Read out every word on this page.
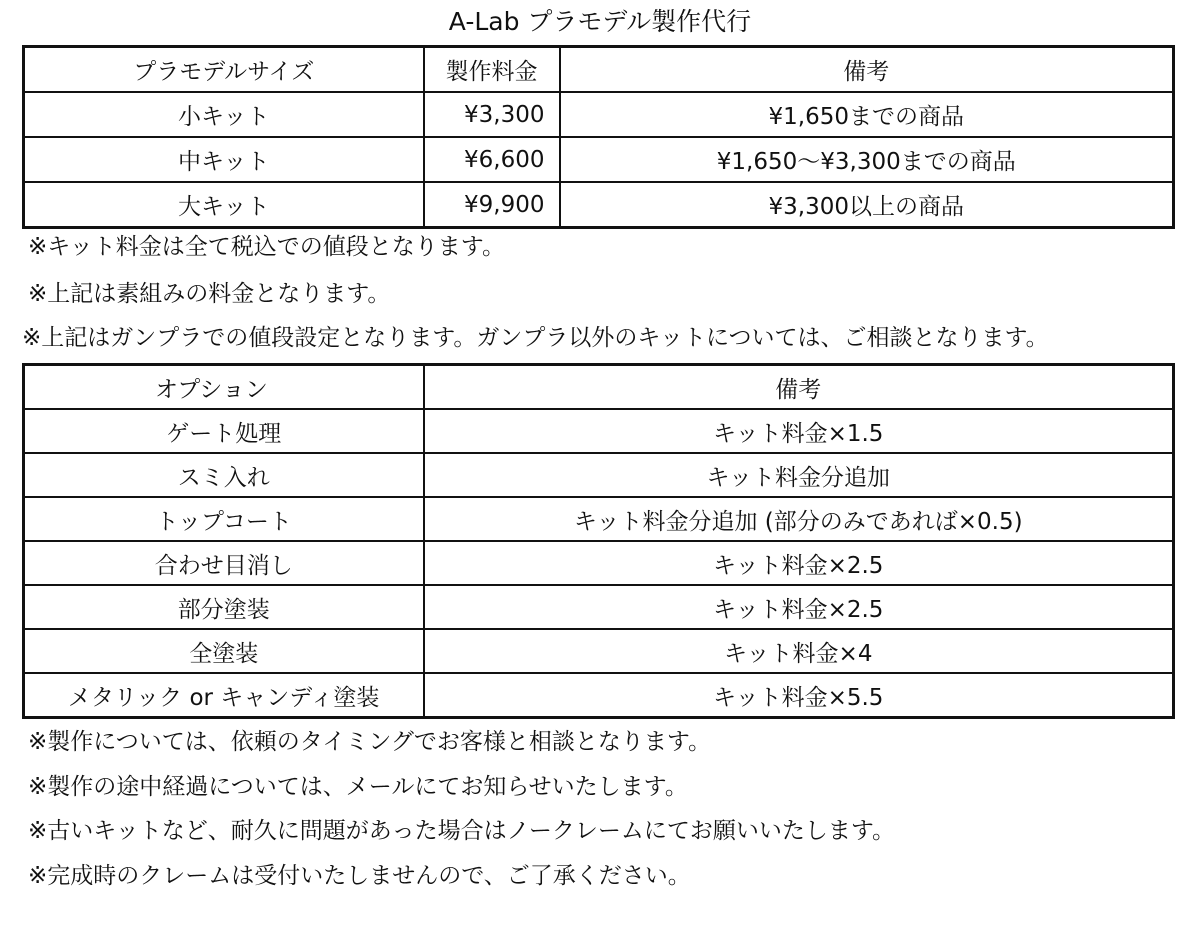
A-Lab プラモデル製作代行
プラモデルサイズ	製作料金	備考
小キット	¥3,300	¥1,650までの商品
中キット	¥6,600	¥1,650〜¥3,300までの商品
大キット	¥9,900	¥3,300以上の商品
※キット料金は全て税込での値段となります。
※上記は素組みの料金となります。
※上記はガンプラでの値段設定となります。ガンプラ以外のキットについては、ご相談となります。
オプション	備考
ゲート処理	キット料金×1.5
スミ入れ	キット料金分追加
トップコート	キット料金分追加 (部分のみであれば×0.5)
合わせ目消し	キット料金×2.5
部分塗装	キット料金×2.5
全塗装	キット料金×4
メタリック or キャンディ塗装	キット料金×5.5
※製作については、依頼のタイミングでお客様と相談となります。
※製作の途中経過については、メールにてお知らせいたします。
※古いキットなど、耐久に問題があった場合はノークレームにてお願いいたします。
※完成時のクレームは受付いたしませんので、ご了承ください。
